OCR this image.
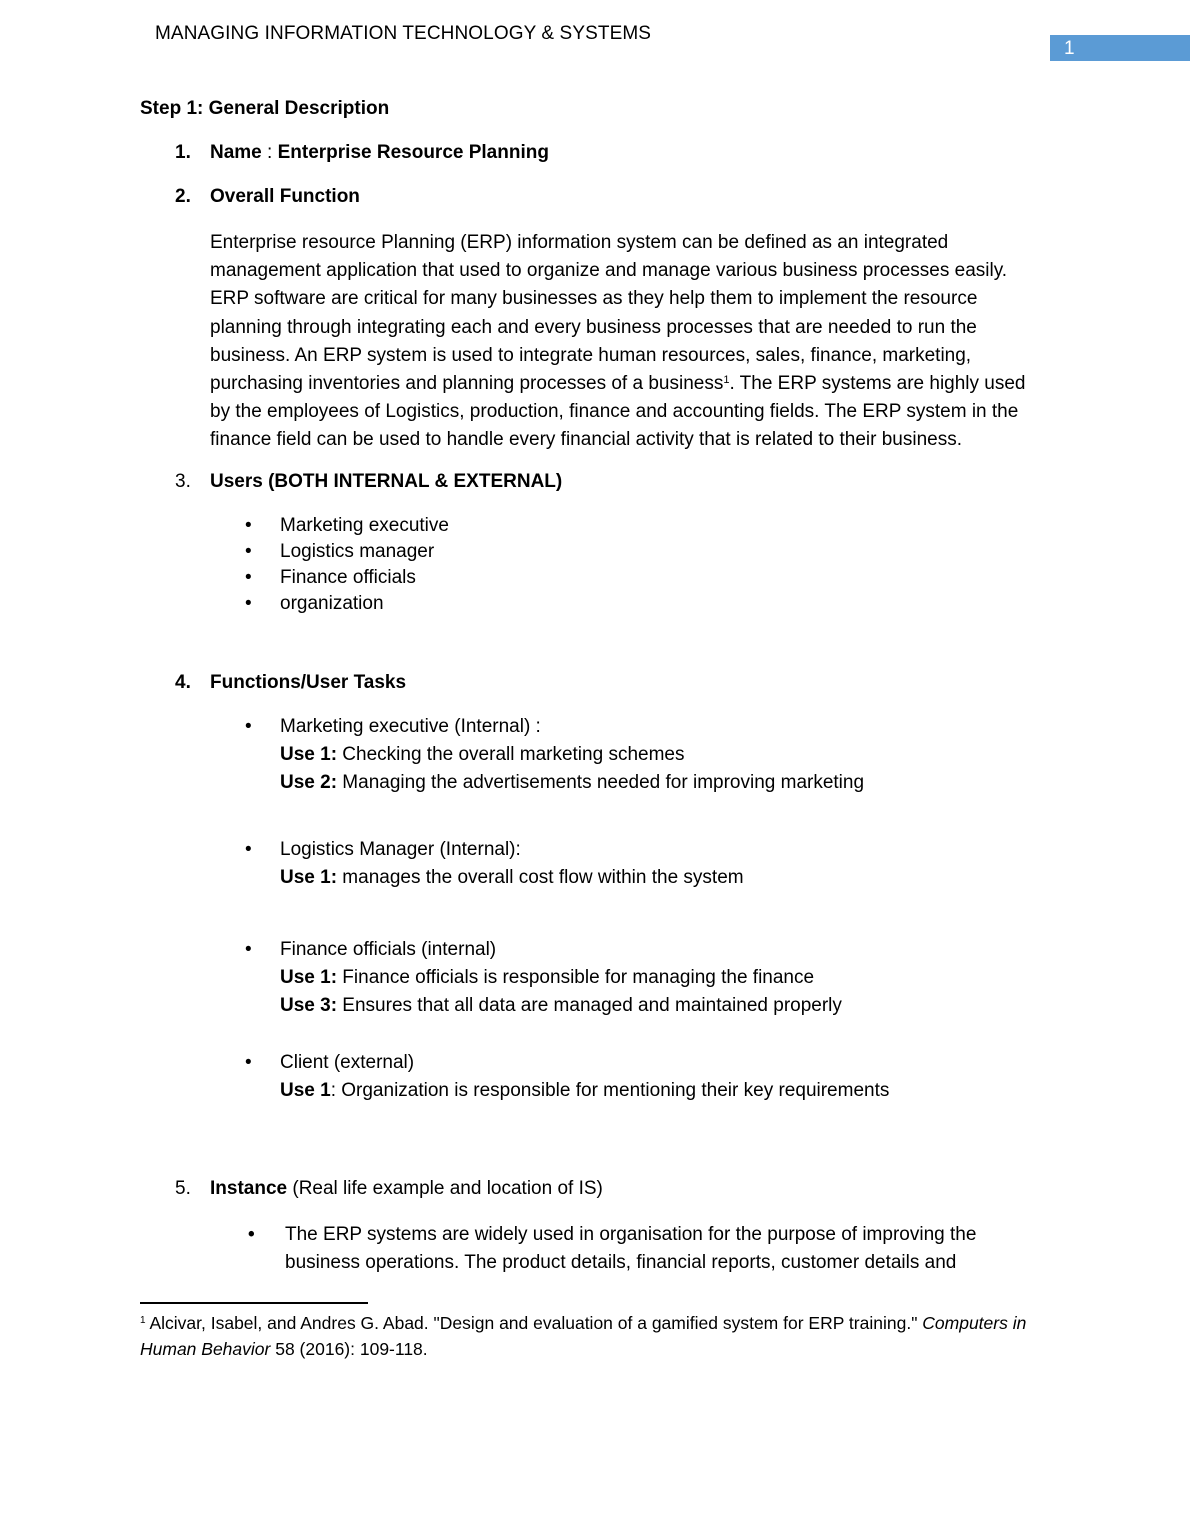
MANAGING INFORMATION TECHNOLOGY & SYSTEMS
1
Step 1: General Description
1. Name : Enterprise Resource Planning
2. Overall Function
Enterprise resource Planning (ERP) information system can be defined as an integrated management application that used to organize and manage various business processes easily. ERP software are critical for many businesses as they help them to implement the resource planning through integrating each and every business processes that are needed to run the business. An ERP system is used to integrate human resources, sales, finance, marketing, purchasing inventories and planning processes of a business$^1$. The ERP systems are highly used by the employees of Logistics, production, finance and accounting fields. The ERP system in the finance field can be used to handle every financial activity that is related to their business.
3. Users (BOTH INTERNAL & EXTERNAL)
•	Marketing executive
•	Logistics manager
•	Finance officials
•	organization
4. Functions/User Tasks
•	Marketing executive (Internal) :
Use 1: Checking the overall marketing schemes
Use 2: Managing the advertisements needed for improving marketing
•	Logistics Manager (Internal):
Use 1: manages the overall cost flow within the system
•	Finance officials (internal)
Use 1: Finance officials is responsible for managing the finance
Use 3: Ensures that all data are managed and maintained properly
•	Client (external)
Use 1: Organization is responsible for mentioning their key requirements
5. Instance (Real life example and location of IS)
•	The ERP systems are widely used in organisation for the purpose of improving the
business operations. The product details, financial reports, customer details and
$^1$ Alcivar, Isabel, and Andres G. Abad. "Design and evaluation of a gamified system for ERP training." Computers in
Human Behavior 58 (2016): 109-118.
